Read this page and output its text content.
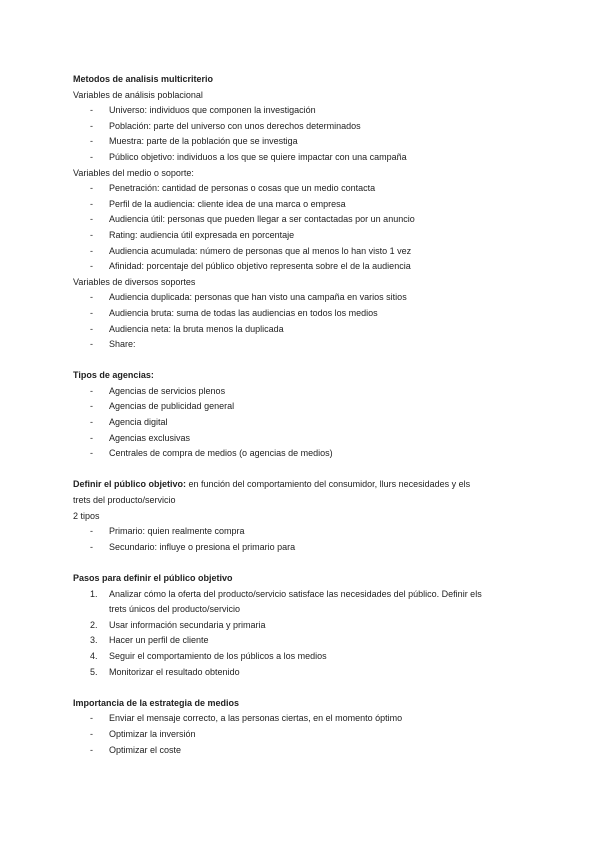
Metodos de analisis multicriterio
Variables de análisis poblacional
- Universo: individuos que componen la investigación
- Población: parte del universo con unos derechos determinados
- Muestra: parte de la población que se investiga
- Público objetivo: individuos a los que se quiere impactar con una campaña
Variables del medio o soporte:
- Penetración: cantidad de personas o cosas que un medio contacta
- Perfil de la audiencia: cliente idea de una marca o empresa
- Audiencia útil: personas que pueden llegar a ser contactadas por un anuncio
- Rating: audiencia útil expresada en porcentaje
- Audiencia acumulada: número de personas que al menos lo han visto 1 vez
- Afinidad: porcentaje del público objetivo representa sobre el de la audiencia
Variables de diversos soportes
- Audiencia duplicada: personas que han visto una campaña en varios sitios
- Audiencia bruta: suma de todas las audiencias en todos los medios
- Audiencia neta: la bruta menos la duplicada
- Share:
Tipos de agencias:
- Agencias de servicios plenos
- Agencias de publicidad general
- Agencia digital
- Agencias exclusivas
- Centrales de compra de medios (o agencias de medios)
Definir el público objetivo: en función del comportamiento del consumidor, llurs necesidades y els
trets del producto/servicio
2 tipos
- Primario: quien realmente compra
- Secundario: influye o presiona el primario para
Pasos para definir el público objetivo
1. Analizar cómo la oferta del producto/servicio satisface las necesidades del público. Definir els
trets únicos del producto/servicio
2. Usar información secundaria y primaria
3. Hacer un perfil de cliente
4. Seguir el comportamiento de los públicos a los medios
5. Monitorizar el resultado obtenido
Importancia de la estrategia de medios
- Enviar el mensaje correcto, a las personas ciertas, en el momento óptimo
- Optimizar la inversión
- Optimizar el coste
